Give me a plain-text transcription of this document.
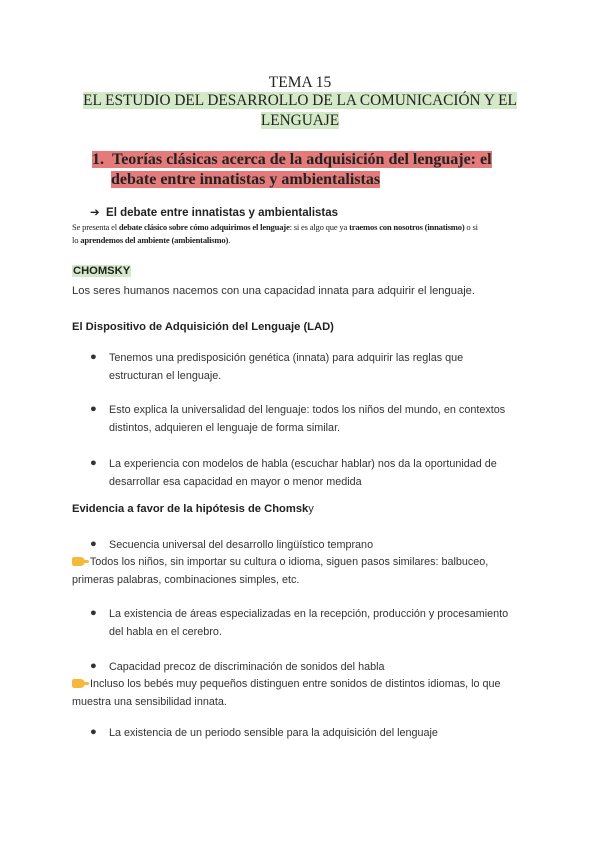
TEMA 15
EL ESTUDIO DEL DESARROLLO DE LA COMUNICACIÓN Y EL
LENGUAJE
1. Teorías clásicas acerca de la adquisición del lenguaje: el
debate entre innatistas y ambientalistas
➔ El debate entre innatistas y ambientalistas
Se presenta el debate clásico sobre cómo adquirimos el lenguaje: si es algo que ya traemos con nosotros (innatismo) o si
lo aprendemos del ambiente (ambientalismo).
CHOMSKY
Los seres humanos nacemos con una capacidad innata para adquirir el lenguaje.
El Dispositivo de Adquisición del Lenguaje (LAD)
● Tenemos una predisposición genética (innata) para adquirir las reglas que
estructuran el lenguaje.
● Esto explica la universalidad del lenguaje: todos los niños del mundo, en contextos
distintos, adquieren el lenguaje de forma similar.
● La experiencia con modelos de habla (escuchar hablar) nos da la oportunidad de
desarrollar esa capacidad en mayor o menor medida
Evidencia a favor de la hipótesis de Chomsky
● Secuencia universal del desarrollo lingüístico temprano
Todos los niños, sin importar su cultura o idioma, siguen pasos similares: balbuceo,
primeras palabras, combinaciones simples, etc.
● La existencia de áreas especializadas en la recepción, producción y procesamiento
del habla en el cerebro.
● Capacidad precoz de discriminación de sonidos del habla
Incluso los bebés muy pequeños distinguen entre sonidos de distintos idiomas, lo que
muestra una sensibilidad innata.
● La existencia de un periodo sensible para la adquisición del lenguaje
